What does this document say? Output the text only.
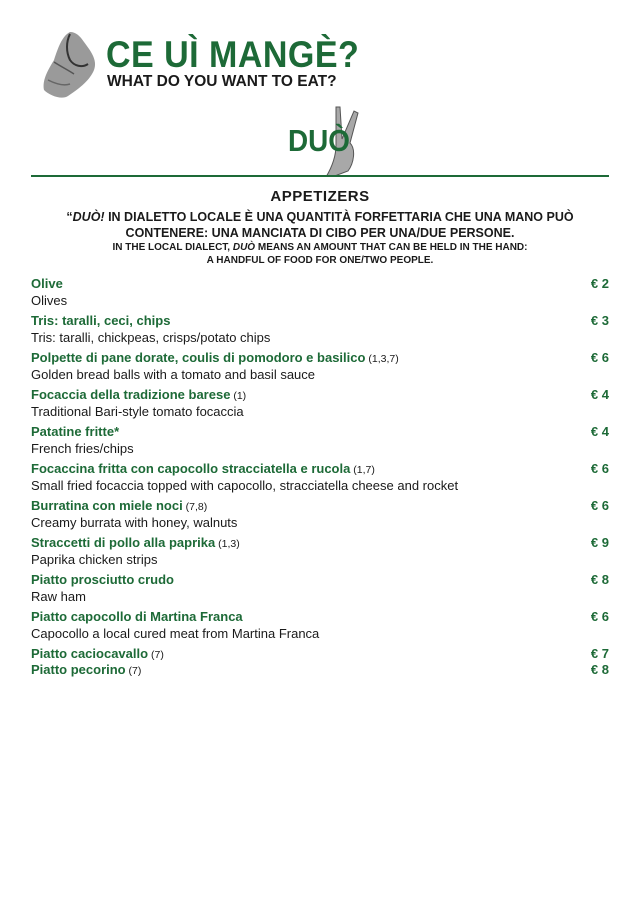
CE UÌ MANGÈ?
WHAT DO YOU WANT TO EAT?
DUÒ
APPETIZERS
“DUÒ! IN DIALETTO LOCALE È UNA QUANTITÀ FORFETTARIA CHE UNA MANO PUÒ
CONTENERE: UNA MANCIATA DI CIBO PER UNA/DUE PERSONE.
IN THE LOCAL DIALECT, DUÒ MEANS AN AMOUNT THAT CAN BE HELD IN THE HAND:
A HANDFUL OF FOOD FOR ONE/TWO PEOPLE.
Olive
Olives
€ 2
Tris: taralli, ceci, chips
Tris: taralli, chickpeas, crisps/potato chips
€ 3
Polpette di pane dorate, coulis di pomodoro e basilico (1,3,7)
Golden bread balls with a tomato and basil sauce
€ 6
Focaccia della tradizione barese (1)
Traditional Bari-style tomato focaccia
€ 4
Patatine fritte*
French fries/chips
€ 4
Focaccina fritta con capocollo stracciatella e rucola (1,7)
Small fried focaccia topped with capocollo, stracciatella cheese and rocket
€ 6
Burratina con miele noci (7,8)
Creamy burrata with honey, walnuts
€ 6
Straccetti di pollo alla paprika (1,3)
Paprika chicken strips
€ 9
Piatto prosciutto crudo
Raw ham
€ 8
Piatto capocollo di Martina Franca
Capocollo a local cured meat from Martina Franca
€ 6
Piatto caciocavallo (7)	€ 7
Piatto pecorino (7)	€ 8
